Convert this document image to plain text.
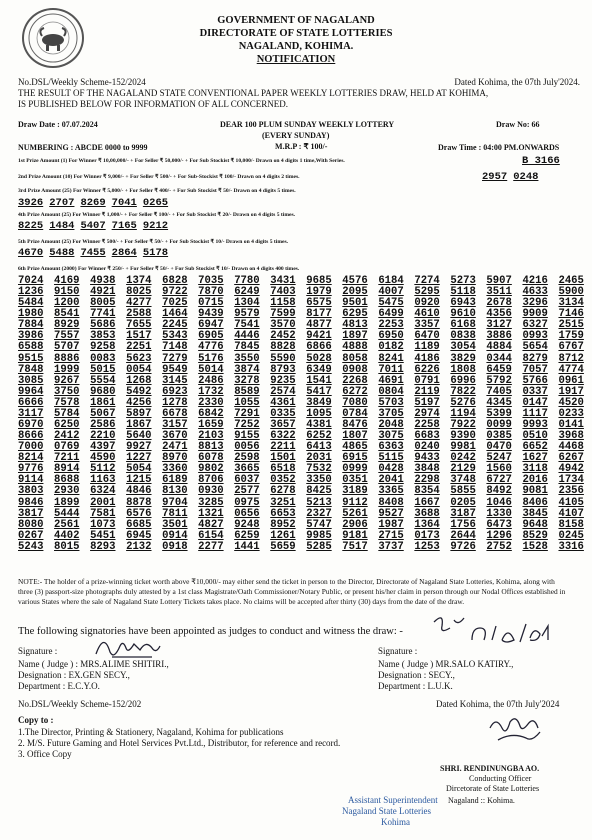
GOVERNMENT OF NAGALAND
DIRECTORATE OF STATE LOTTERIES
NAGALAND, KOHIMA.
NOTIFICATION
No.DSL/Weekly Scheme-152/2024	Dated Kohima, the 07th July'2024.
THE RESULT OF THE NAGALAND STATE CONVENTIONAL PAPER WEEKLY LOTTERIES DRAW, HELD AT KOHIMA,
IS PUBLISHED BELOW FOR INFORMATION OF ALL CONCERNED.
Draw Date : 07.07.2024	DEAR 100 PLUM SUNDAY WEEKLY LOTTERY	Draw No: 66
(EVERY SUNDAY)
NUMBERING : ABCDE 0000 to 9999	M.R.P : ₹ 100/-	Draw Time : 04:00 PM.ONWARDS
1st Prize Amount (1) For Winner ₹ 10,00,000/- + For Seller ₹ 50,000/- + For Sub Stockist ₹ 10,000/- Drawn on 4 digits 1 time,With Series.	B 3166
2nd Prize Amount (10) For Winner ₹ 9,000/- + For Seller ₹ 500/- + For Sub-Stockist ₹ 100/- Drawn on 4 digits 2 times.	2957 0248
3rd Prize Amount (25) For Winner ₹ 5,000/- + For Seller ₹ 400/- + For Sub Stockist ₹ 50/- Drawn on 4 digits 5 times.
3926 2707 8269 7041 0265
4th Prize Amount (25) For Winner ₹ 1,000/- + For Seller ₹ 100/- + For Sub Stockist ₹ 20/- Drawn on 4 digits 5 times.
8225 1484 5407 7165 9212
5th Prize Amount (25) For Winner ₹ 500/- + For Seller ₹ 50/- + For Sub Stockist ₹ 10/- Drawn on 4 digits 5 times.
4670 5488 7455 2864 5178
6th Prize Amount (2000) For Winner ₹ 250/- + For Seller ₹ 50/- + For Sub Stockist ₹ 10/- Drawn on 4 digits 400 times.
7024 4169 4938 1374 6828 7035 7780 3431 9685 4576 6184 7274 5273 5907 4216 2465
1236 9150 4921 8025 9722 7870 6249 7403 1979 2095 4007 5295 5118 3511 4633 5900
5484 1200 8005 4277 7025 0715 1304 1158 6575 9501 5475 0920 6943 2678 3296 3134
1980 8541 7741 2588 1464 9439 9579 7599 8177 6295 6499 4610 9610 4356 9909 7146
7884 8929 5686 7655 2245 6947 7541 3570 4877 4813 2253 3357 6168 3127 6327 2515
3986 7557 3853 1517 5343 6905 4446 2452 9421 1897 6950 6470 0838 3886 0993 1759
6588 5707 9258 2251 7148 4776 7845 8828 6866 4888 0182 1189 3054 4884 5654 6767
9515 8886 0083 5623 7279 5176 3550 5590 5028 8058 8241 4186 3829 0344 8279 8712
7848 1999 5015 0054 9549 5014 3874 8793 6349 0908 7011 6226 1808 6459 7057 4774
3085 9267 5554 1268 3145 2486 3278 9235 1541 2268 4691 0791 6996 5792 5766 0961
9964 3750 9680 5492 6923 1732 8589 2574 5417 6272 0804 2119 7822 7405 0337 1917
6666 7578 1861 4256 1278 2330 1055 4361 3849 7080 5703 5197 5276 4345 0147 4520
3117 5784 5067 5897 6678 6842 7291 0335 1095 0784 3705 2974 1194 5399 1117 0233
6970 6250 2586 1867 3157 1659 7252 3657 4381 8476 2048 2258 7922 0099 9993 0141
8666 2412 2210 5640 3670 2103 9155 6322 6252 1807 3075 6683 9390 0385 0510 3968
7000 0769 4397 9927 2471 8813 0056 2211 6413 4865 6363 0240 9981 0470 6652 4468
8214 7211 4590 1227 8970 6078 2598 1501 2031 6915 5115 9433 0242 5247 1627 6267
9776 8914 5112 5054 3360 9802 3665 6518 7532 0999 0428 3848 2129 1560 3118 4942
9114 8688 1163 1215 6189 8706 6037 0352 3350 0351 2041 2298 3748 6727 2016 1734
3803 2930 6324 4846 8130 0930 2577 6278 8425 3189 3365 8354 5855 8492 9081 2356
9846 1899 2001 8878 9704 3285 0975 3251 5213 9112 8408 1667 0205 1046 8406 4105
3817 5444 7581 6576 7811 1321 0656 6653 2327 5261 9527 3688 3187 1330 3845 4107
8080 2561 1073 6685 3501 4827 9248 8952 5747 2906 1987 1364 1756 6473 9648 8158
0267 4402 5451 6945 0914 6154 6259 1261 9985 9181 2715 0173 2644 1296 8529 0245
5243 8015 8293 2132 0918 2277 1441 5659 5285 7517 3737 1253 9726 2752 1528 3316
NOTE:- The holder of a prize-winning ticket worth above ₹10,000/- may either send the ticket in person to the Director, Directorate of Nagaland State Lotteries, Kohima, along with three (3) passport-size photographs duly attested by a 1st class Magistrate/Oath Commissioner/Notary Public, or present his/her claim in person through our Nodal Offices established in various States where the sale of Nagaland State Lottery Tickets takes place. No claims will be accepted after thirty (30) days from the date of the draw.
The following signatories have been appointed as judges to conduct and witness the draw: -
Signature :
Name ( Judge ) : MRS.ALIME SHITIRI.,
Designation : EX.GEN SECY.,
Department : E.C.Y.O.
Signature :
Name ( Judge ) MR.SALO KATIRY.,
Designation : SECY.,
Department : L.U.K.
No.DSL/Weekly Scheme-152/202	Dated Kohima, the 07th July'2024
Copy to :
1.The Director, Printing & Stationery, Nagaland, Kohima for publications
2. M/S. Future Gaming and Hotel Services Pvt.Ltd., Distributor, for reference and record.
3. Office Copy
SHRI. RENDINUNGBA AO.
Conducting Officer
Dircetorate of State Lotteries
Nagaland :: Kohima.
Assistant Superintendent
Nagaland State Lotteries
Kohima
